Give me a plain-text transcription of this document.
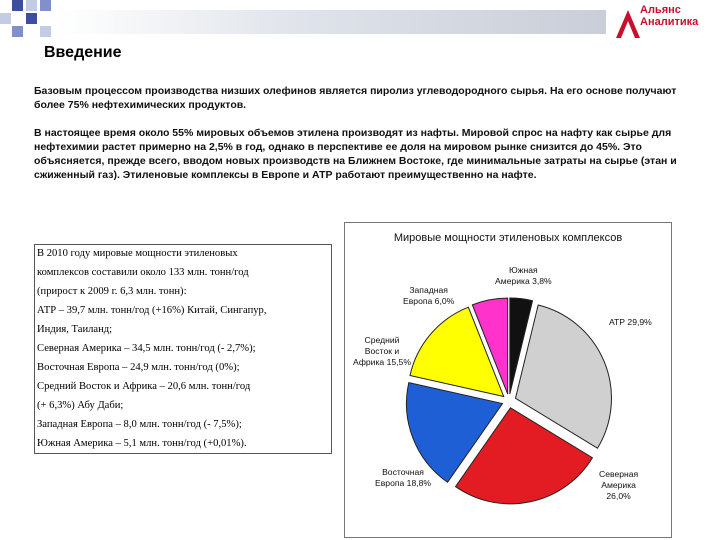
Альянс
Аналитика
Введение
Базовым процессом производства низших олефинов является пиролиз углеводородного сырья. На его основе получают более 75% нефтехимических продуктов.
В настоящее время около 55% мировых объемов этилена производят из нафты. Мировой спрос на нафту как сырье для нефтехимии растет примерно на 2,5% в год, однако в перспективе ее доля на мировом рынке снизится до 45%. Это объясняется, прежде всего, вводом новых производств на Ближнем Востоке, где минимальные затраты на сырье (этан и сжиженный газ). Этиленовые комплексы в Европе и АТР работают преимущественно на нафте.
В 2010 году мировые мощности этиленовых
комплексов составили около 133 млн. тонн/год
(прирост к 2009 г. 6,3 млн. тонн):
АТР – 39,7 млн. тонн/год (+16%) Китай, Сингапур,
Индия, Таиланд;
Северная Америка – 34,5 млн. тонн/год (- 2,7%);
Восточная Европа – 24,9 млн. тонн/год (0%);
Средний Восток и Африка – 20,6 млн. тонн/год
(+ 6,3%) Абу Даби;
Западная Европа – 8,0 млн. тонн/год (- 7,5%);
Южная Америка – 5,1 млн. тонн/год (+0,01%).
Мировые мощности этиленовых комплексов
Южная
Америка 3,8%
АТР 29,9%
Северная
Америка
26,0%
Восточная
Европа 18,8%
Средний
Восток и
Африка 15,5%
Западная
Европа 6,0%
